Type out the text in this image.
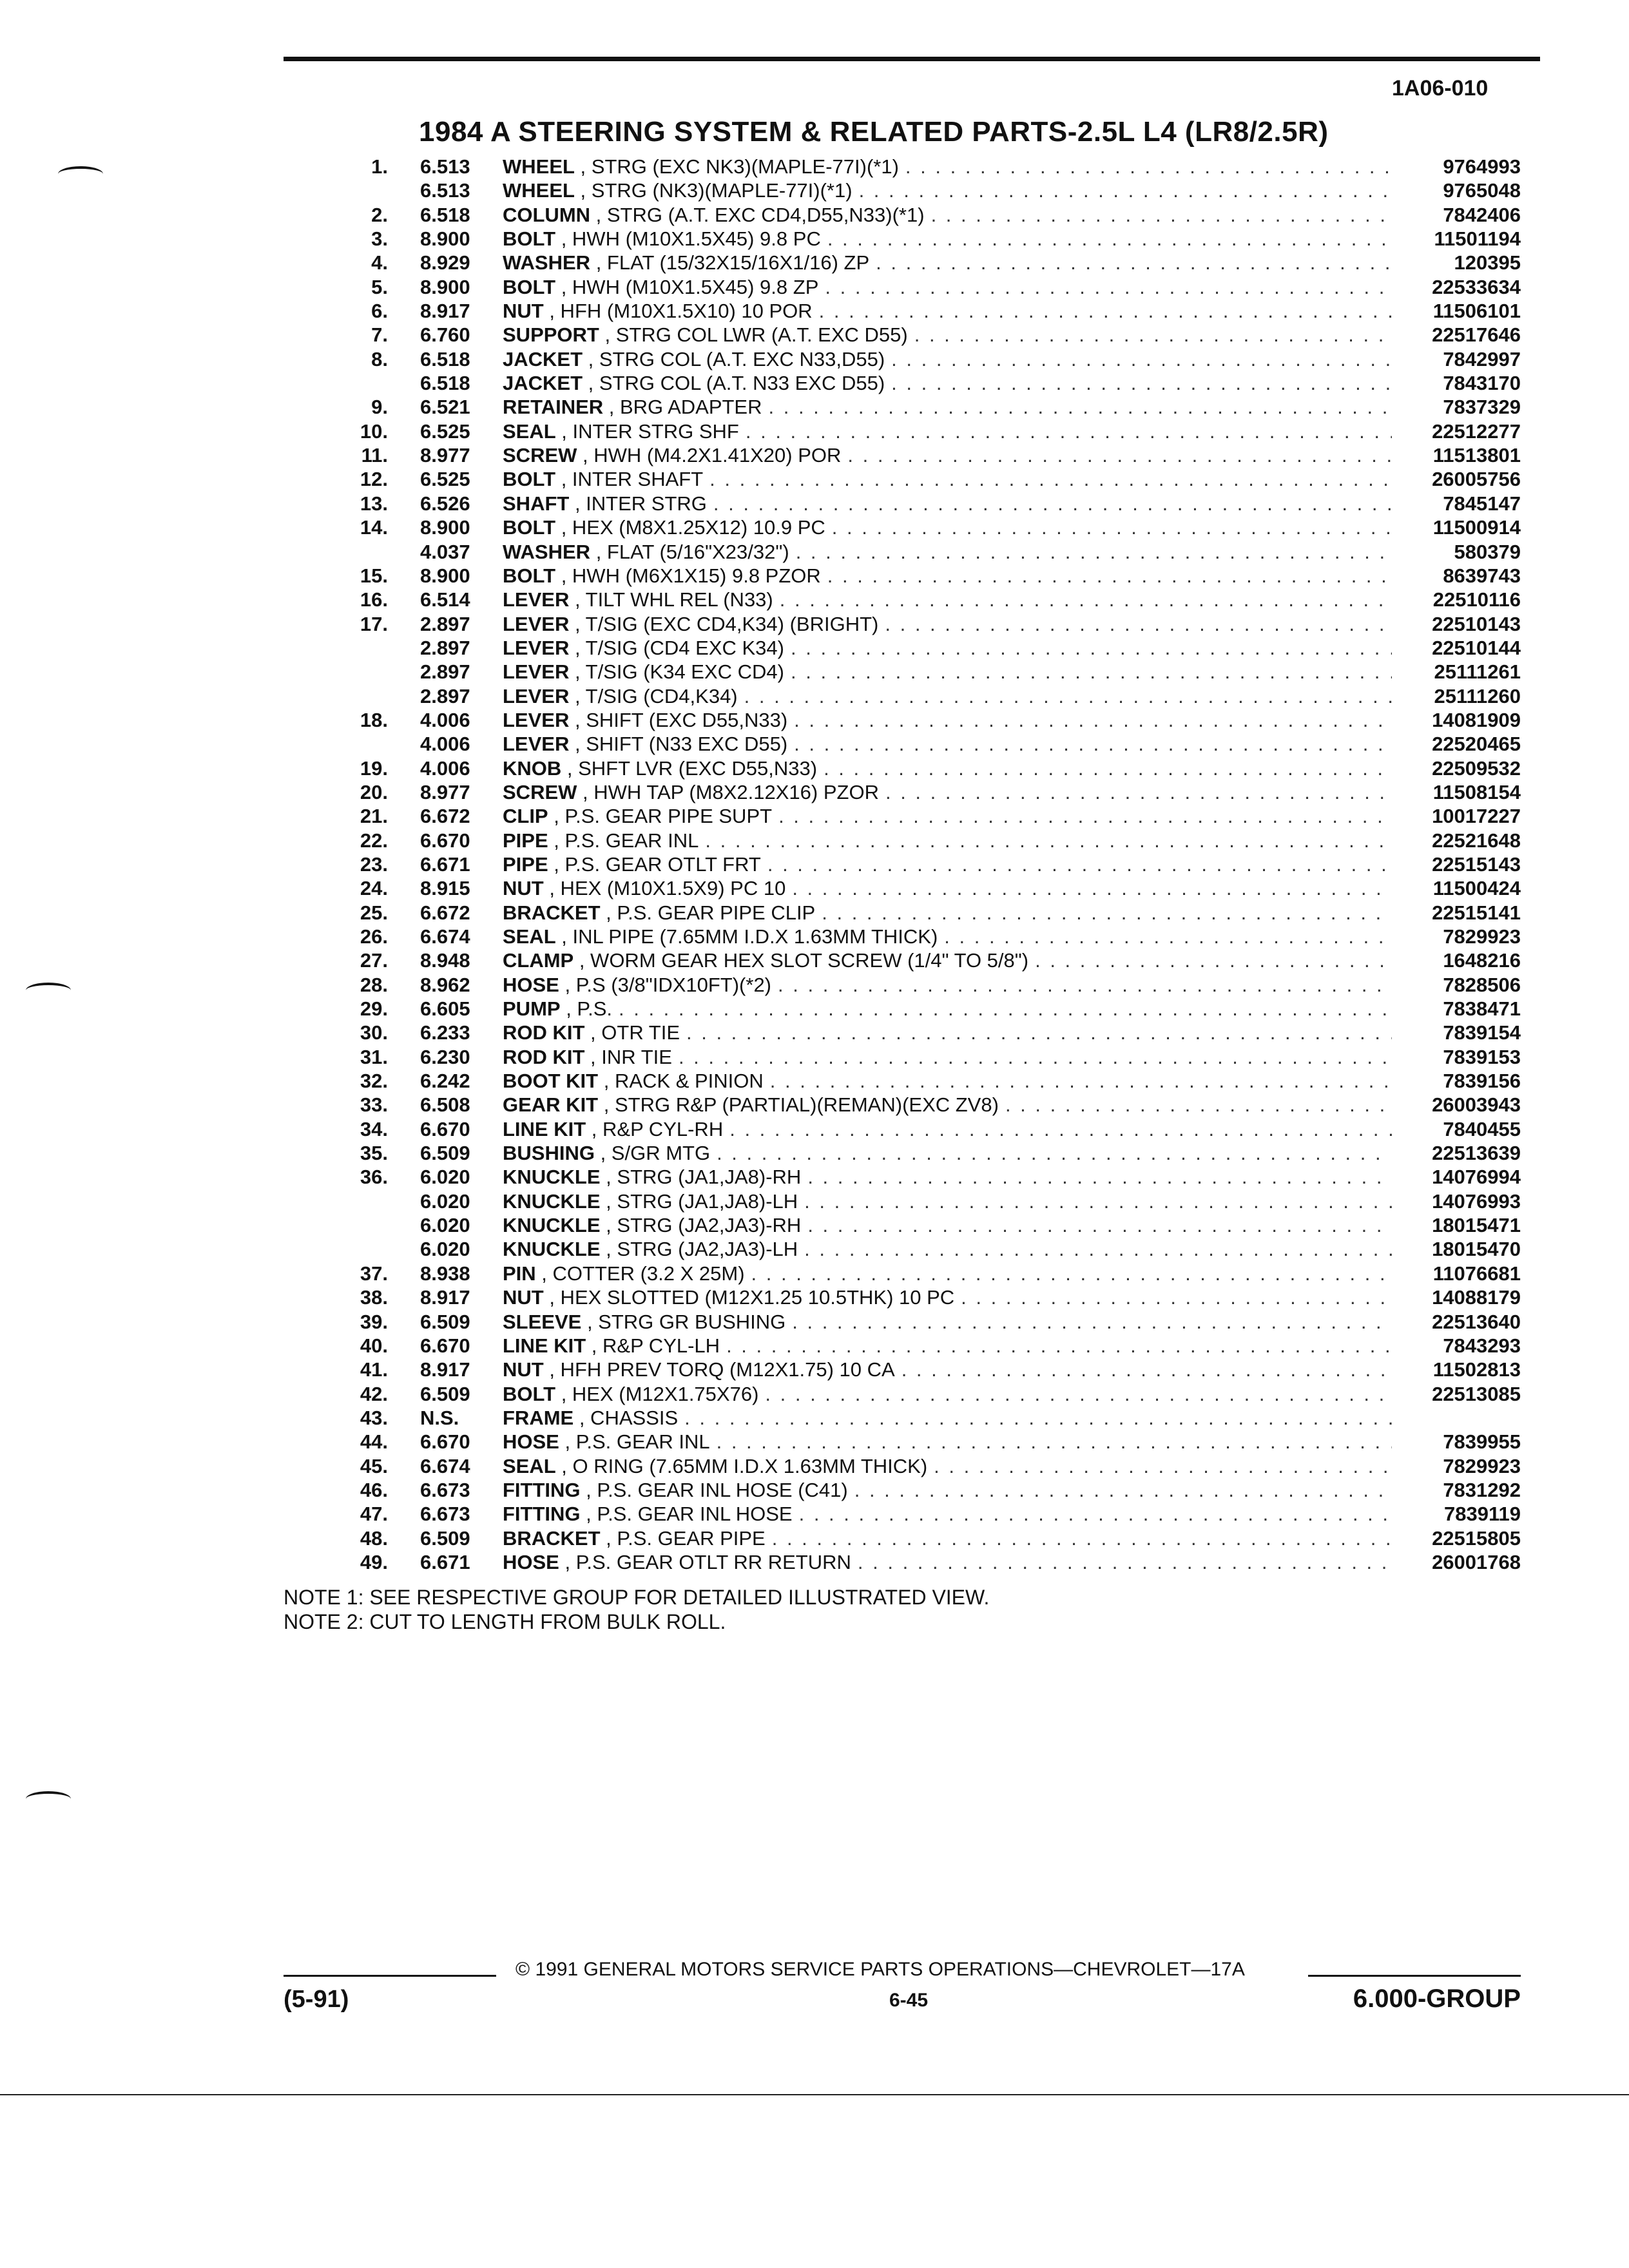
1A06-010
1984 A STEERING SYSTEM & RELATED PARTS-2.5L L4 (LR8/2.5R)
1. 6.513 WHEEL , STRG (EXC NK3)(MAPLE-77I)(*1) . . .	9764993
6.513 WHEEL , STRG (NK3)(MAPLE-77I)(*1) . . .	9765048
2. 6.518 COLUMN , STRG (A.T. EXC CD4,D55,N33)(*1) . . .	7842406
3. 8.900 BOLT , HWH (M10X1.5X45) 9.8 PC . . .	11501194
4. 8.929 WASHER , FLAT (15/32X15/16X1/16) ZP . . .	120395
5. 8.900 BOLT , HWH (M10X1.5X45) 9.8 ZP . . .	22533634
6. 8.917 NUT , HFH (M10X1.5X10) 10 POR . . .	11506101
7. 6.760 SUPPORT , STRG COL LWR (A.T. EXC D55) . . .	22517646
8. 6.518 JACKET , STRG COL (A.T. EXC N33,D55) . . .	7842997
6.518 JACKET , STRG COL (A.T. N33 EXC D55) . . .	7843170
9. 6.521 RETAINER , BRG ADAPTER . . .	7837329
10. 6.525 SEAL , INTER STRG SHF . . .	22512277
11. 8.977 SCREW , HWH (M4.2X1.41X20) POR . . .	11513801
12. 6.525 BOLT , INTER SHAFT . . .	26005756
13. 6.526 SHAFT , INTER STRG . . .	7845147
14. 8.900 BOLT , HEX (M8X1.25X12) 10.9 PC . . .	11500914
4.037 WASHER , FLAT (5/16"X23/32") . . .	580379
15. 8.900 BOLT , HWH (M6X1X15) 9.8 PZOR . . .	8639743
16. 6.514 LEVER , TILT WHL REL (N33) . . .	22510116
17. 2.897 LEVER , T/SIG (EXC CD4,K34) (BRIGHT) . . .	22510143
2.897 LEVER , T/SIG (CD4 EXC K34) . . .	22510144
2.897 LEVER , T/SIG (K34 EXC CD4) . . .	25111261
2.897 LEVER , T/SIG (CD4,K34) . . .	25111260
18. 4.006 LEVER , SHIFT (EXC D55,N33) . . .	14081909
4.006 LEVER , SHIFT (N33 EXC D55) . . .	22520465
19. 4.006 KNOB , SHFT LVR (EXC D55,N33) . . .	22509532
20. 8.977 SCREW , HWH TAP (M8X2.12X16) PZOR . . .	11508154
21. 6.672 CLIP , P.S. GEAR PIPE SUPT . . .	10017227
22. 6.670 PIPE , P.S. GEAR INL . . .	22521648
23. 6.671 PIPE , P.S. GEAR OTLT FRT . . .	22515143
24. 8.915 NUT , HEX (M10X1.5X9) PC 10 . . .	11500424
25. 6.672 BRACKET , P.S. GEAR PIPE CLIP . . .	22515141
26. 6.674 SEAL , INL PIPE (7.65MM I.D.X 1.63MM THICK) . . .	7829923
27. 8.948 CLAMP , WORM GEAR HEX SLOT SCREW (1/4" TO 5/8") . . .	1648216
28. 8.962 HOSE , P.S (3/8"IDX10FT)(*2) . . .	7828506
29. 6.605 PUMP , P.S. . . .	7838471
30. 6.233 ROD KIT , OTR TIE . . .	7839154
31. 6.230 ROD KIT , INR TIE . . .	7839153
32. 6.242 BOOT KIT , RACK & PINION . . .	7839156
33. 6.508 GEAR KIT , STRG R&P (PARTIAL)(REMAN)(EXC ZV8) . . .	26003943
34. 6.670 LINE KIT , R&P CYL-RH . . .	7840455
35. 6.509 BUSHING , S/GR MTG . . .	22513639
36. 6.020 KNUCKLE , STRG (JA1,JA8)-RH . . .	14076994
6.020 KNUCKLE , STRG (JA1,JA8)-LH . . .	14076993
6.020 KNUCKLE , STRG (JA2,JA3)-RH . . .	18015471
6.020 KNUCKLE , STRG (JA2,JA3)-LH . . .	18015470
37. 8.938 PIN , COTTER (3.2 X 25M) . . .	11076681
38. 8.917 NUT , HEX SLOTTED (M12X1.25 10.5THK) 10 PC . . .	14088179
39. 6.509 SLEEVE , STRG GR BUSHING . . .	22513640
40. 6.670 LINE KIT , R&P CYL-LH . . .	7843293
41. 8.917 NUT , HFH PREV TORQ (M12X1.75) 10 CA . . .	11502813
42. 6.509 BOLT , HEX (M12X1.75X76) . . .	22513085
43. N.S. FRAME , CHASSIS
. . .
44. 6.670 HOSE , P.S. GEAR INL . . .	7839955
45. 6.674 SEAL , O RING (7.65MM I.D.X 1.63MM THICK) . . .	7829923
46. 6.673 FITTING , P.S. GEAR INL HOSE (C41) . . .	7831292
47. 6.673 FITTING , P.S. GEAR INL HOSE . . .	7839119
48. 6.509 BRACKET , P.S. GEAR PIPE . . .	22515805
49. 6.671 HOSE , P.S. GEAR OTLT RR RETURN . . .	26001768
NOTE 1: SEE RESPECTIVE GROUP FOR DETAILED ILLUSTRATED VIEW.
NOTE 2: CUT TO LENGTH FROM BULK ROLL.
© 1991 GENERAL MOTORS SERVICE PARTS OPERATIONS—CHEVROLET—17A
(5-91)	6-45	6.000-GROUP
